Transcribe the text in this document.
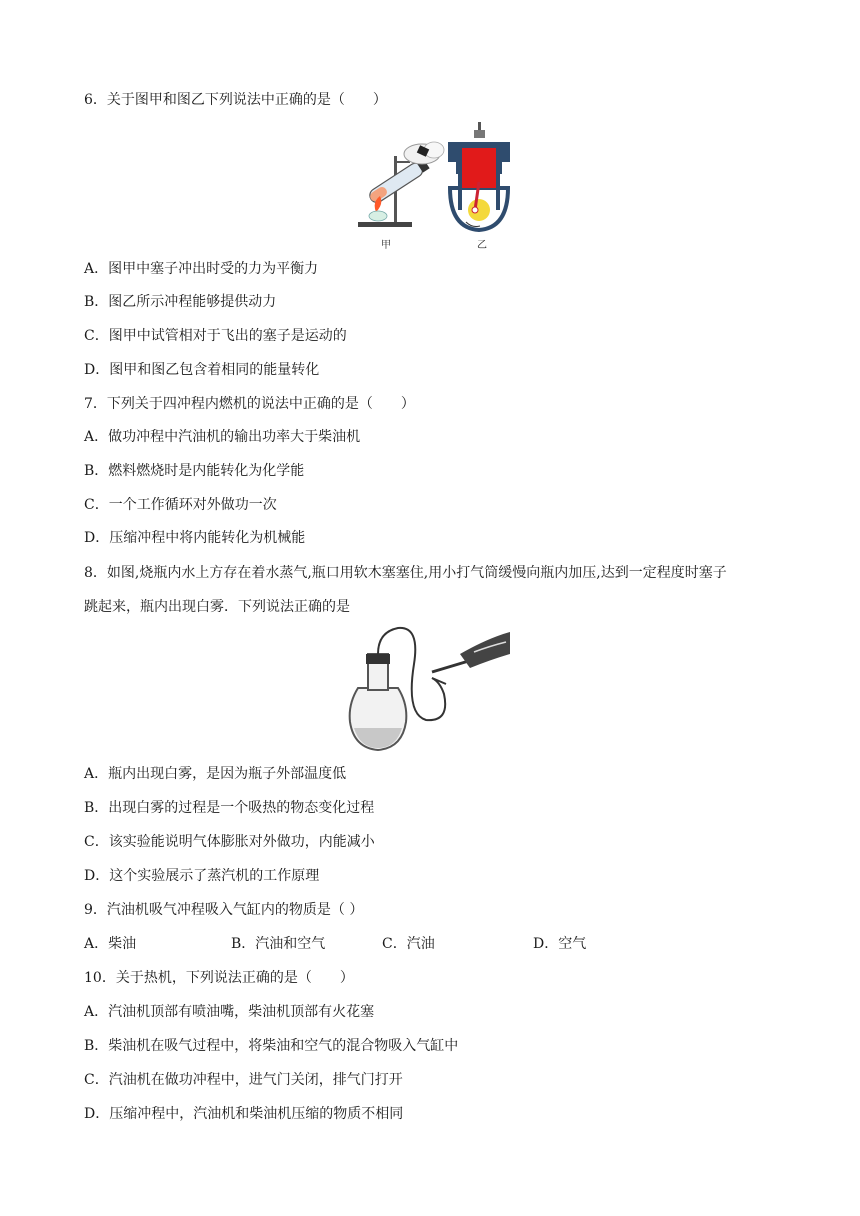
6．关于图甲和图乙下列说法中正确的是（　　）
甲	乙
A．图甲中塞子冲出时受的力为平衡力
B．图乙所示冲程能够提供动力
C．图甲中试管相对于飞出的塞子是运动的
D．图甲和图乙包含着相同的能量转化
7．下列关于四冲程内燃机的说法中正确的是（　　）
A．做功冲程中汽油机的输出功率大于柴油机
B．燃料燃烧时是内能转化为化学能
C．一个工作循环对外做功一次
D．压缩冲程中将内能转化为机械能
8．如图,烧瓶内水上方存在着水蒸气,瓶口用软木塞塞住,用小打气筒缓慢向瓶内加压,达到一定程度时塞子
跳起来，瓶内出现白雾．下列说法正确的是
A．瓶内出现白雾，是因为瓶子外部温度低
B．出现白雾的过程是一个吸热的物态变化过程
C．该实验能说明气体膨胀对外做功，内能减小
D．这个实验展示了蒸汽机的工作原理
9．汽油机吸气冲程吸入气缸内的物质是（ ）
A．柴油	B．汽油和空气	C．汽油	D．空气
10．关于热机，下列说法正确的是（　　）
A．汽油机顶部有喷油嘴，柴油机顶部有火花塞
B．柴油机在吸气过程中，将柴油和空气的混合物吸入气缸中
C．汽油机在做功冲程中，进气门关闭，排气门打开
D．压缩冲程中，汽油机和柴油机压缩的物质不相同
